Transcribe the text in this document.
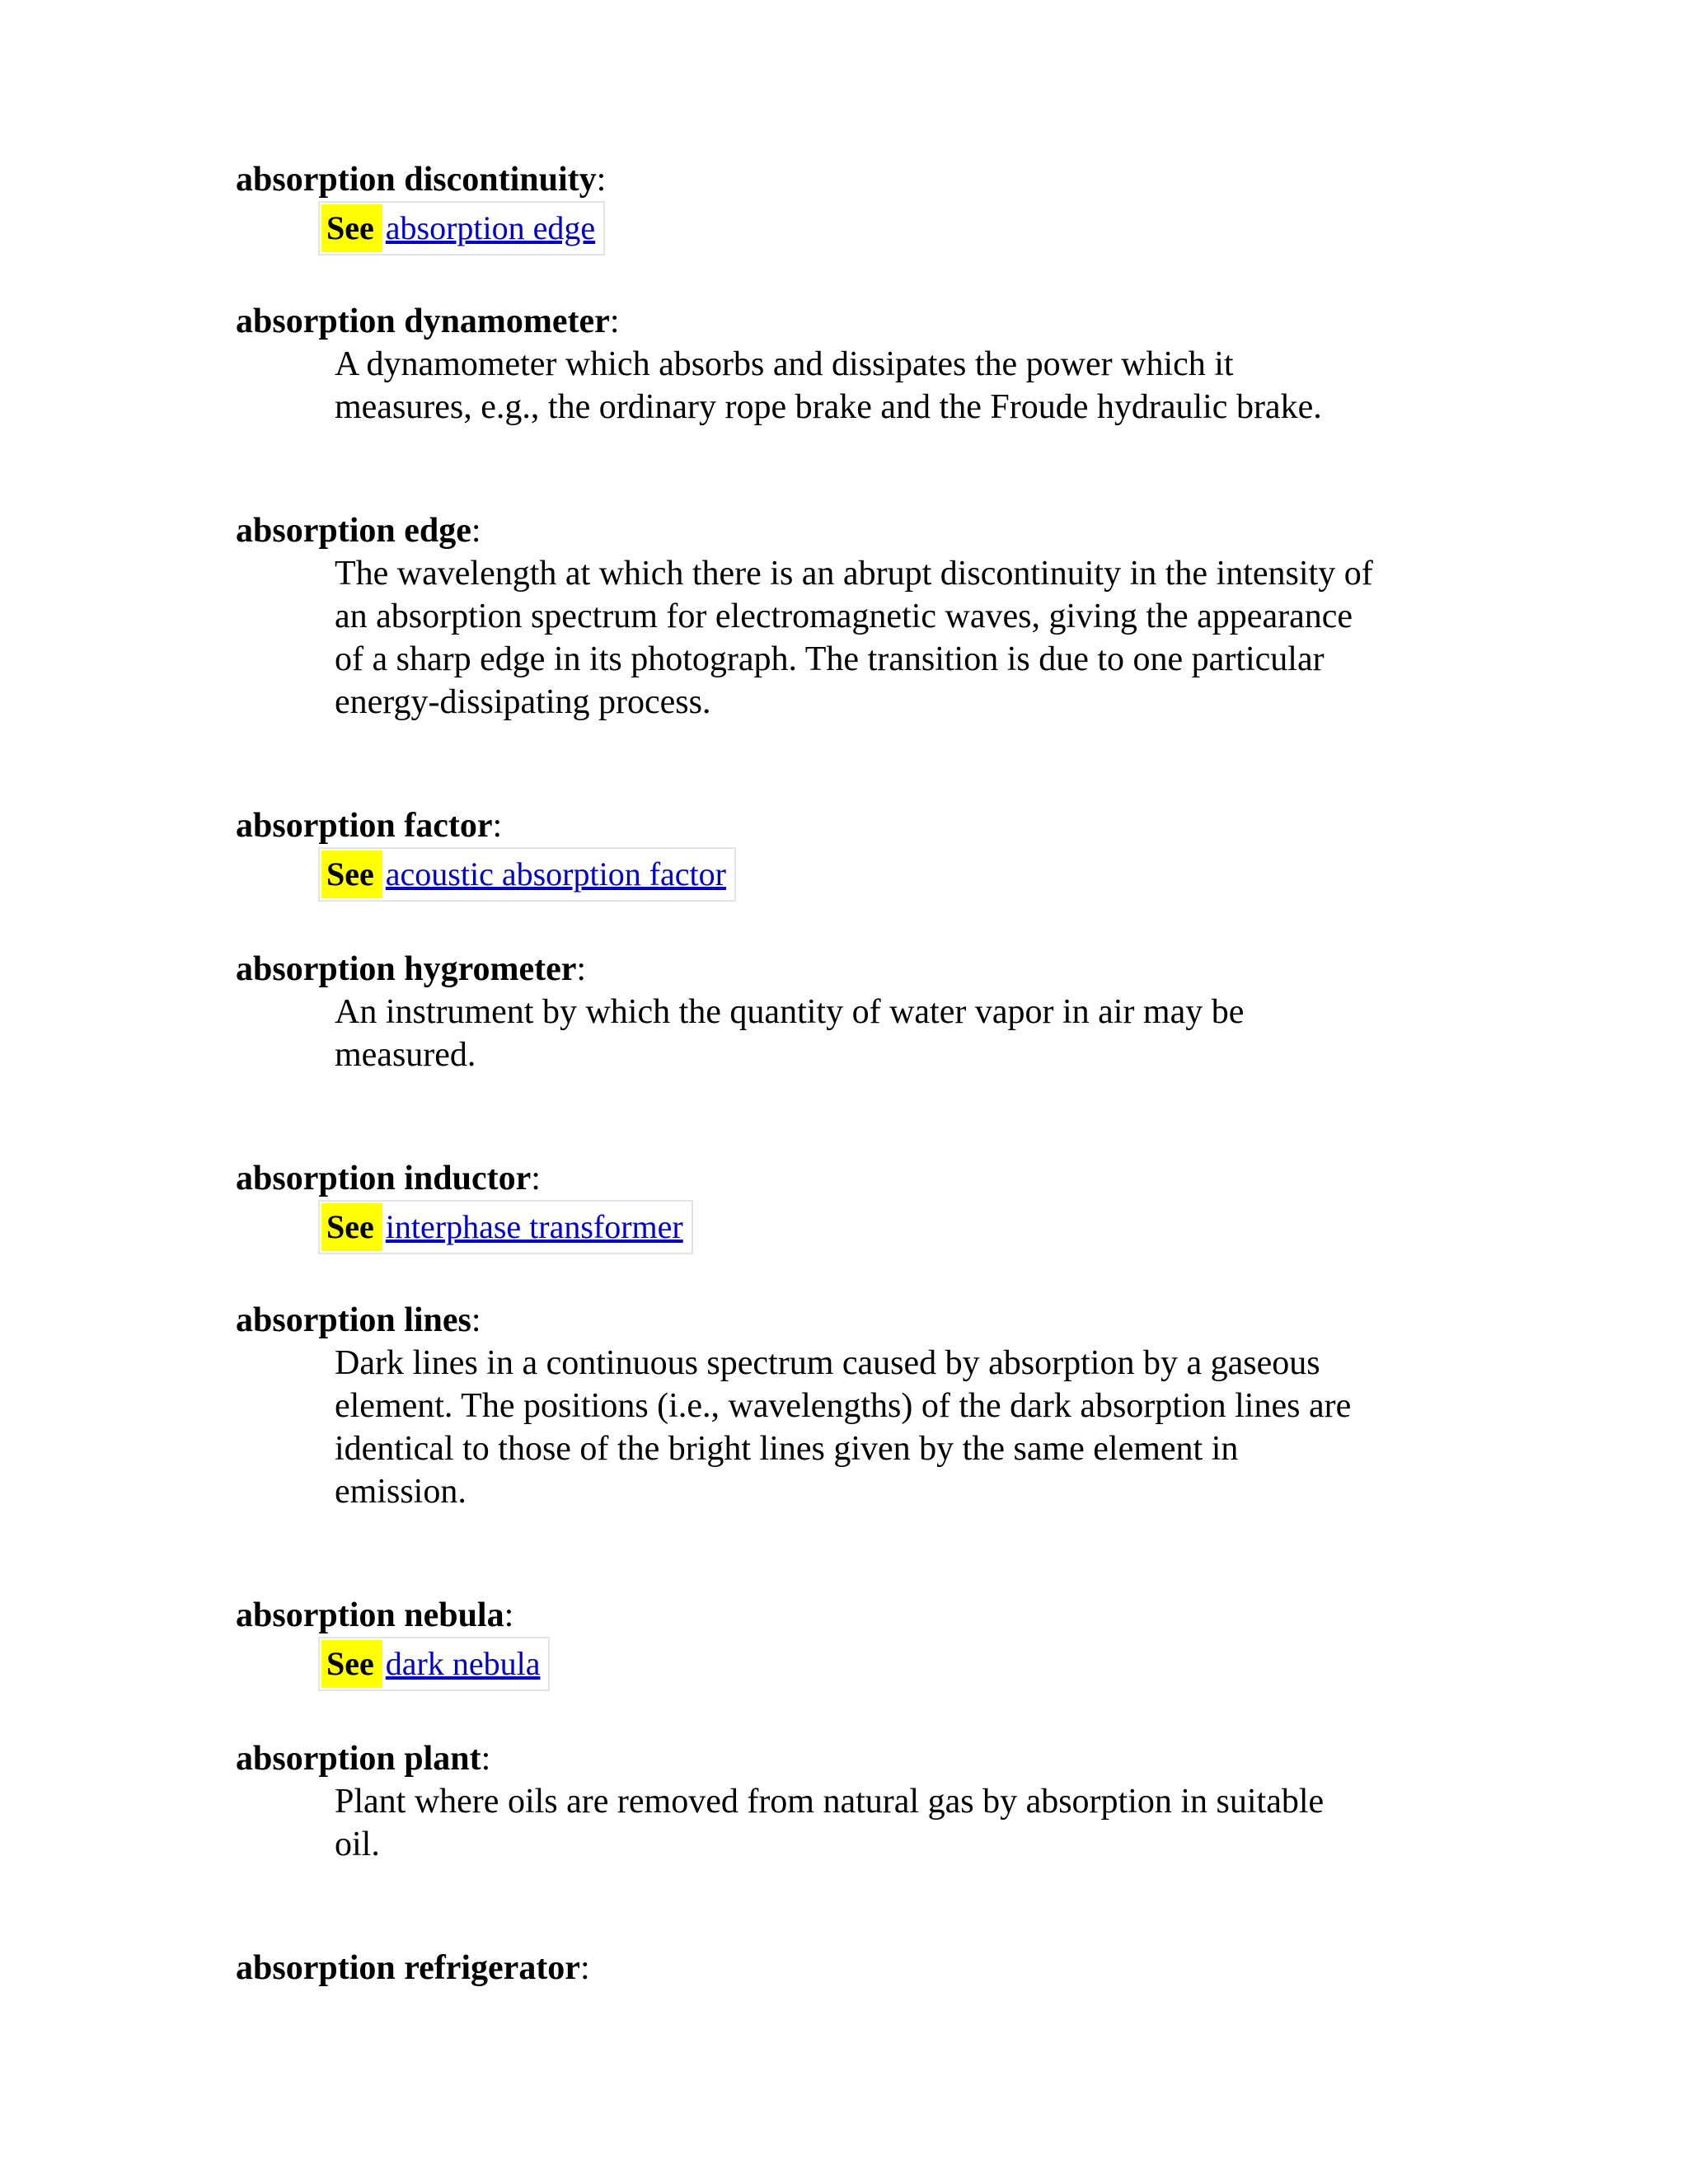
absorption discontinuity:
See absorption edge
absorption dynamometer:
A dynamometer which absorbs and dissipates the power which it
measures, e.g., the ordinary rope brake and the Froude hydraulic brake.
absorption edge:
The wavelength at which there is an abrupt discontinuity in the intensity of
an absorption spectrum for electromagnetic waves, giving the appearance
of a sharp edge in its photograph. The transition is due to one particular
energy-dissipating process.
absorption factor:
See acoustic absorption factor
absorption hygrometer:
An instrument by which the quantity of water vapor in air may be
measured.
absorption inductor:
See interphase transformer
absorption lines:
Dark lines in a continuous spectrum caused by absorption by a gaseous
element. The positions (i.e., wavelengths) of the dark absorption lines are
identical to those of the bright lines given by the same element in
emission.
absorption nebula:
See dark nebula
absorption plant:
Plant where oils are removed from natural gas by absorption in suitable
oil.
absorption refrigerator:
